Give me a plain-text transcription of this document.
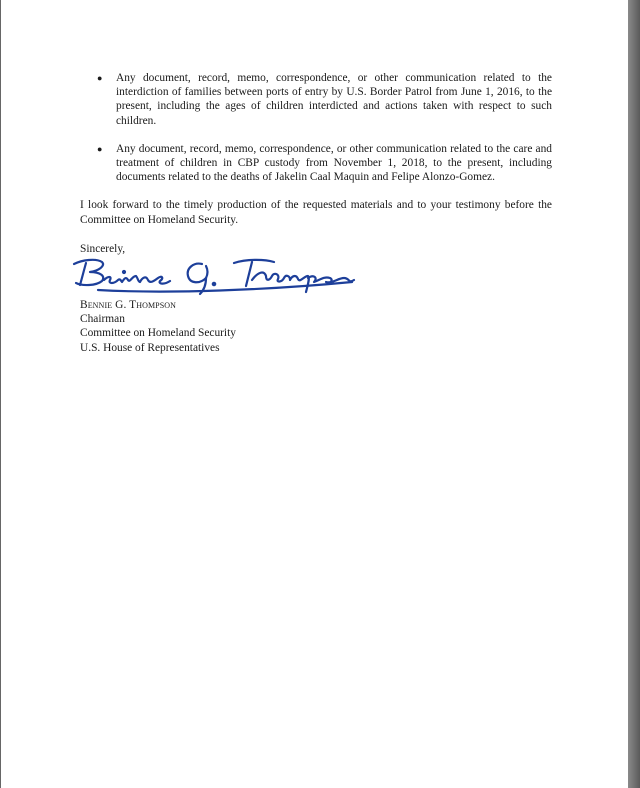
● Any document, record, memo, correspondence, or other communication related to the interdiction of families between ports of entry by U.S. Border Patrol from June 1, 2016, to the present, including the ages of children interdicted and actions taken with respect to such children.
● Any document, record, memo, correspondence, or other communication related to the care and treatment of children in CBP custody from November 1, 2018, to the present, including documents related to the deaths of Jakelin Caal Maquin and Felipe Alonzo-Gomez.

I look forward to the timely production of the requested materials and to your testimony before the Committee on Homeland Security.

Sincerely,

Bennie G. Thompson
Chairman
Committee on Homeland Security
U.S. House of Representatives
